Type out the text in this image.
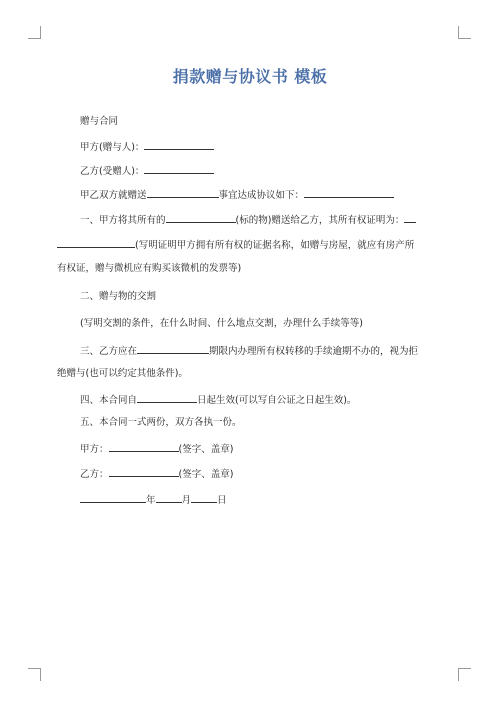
捐款赠与协议书 模板
赠与合同
甲方(赠与人)：
乙方(受赠人)：
甲乙双方就赠送	事宜达成协议如下：
一、甲方将其所有的	(标的物)赠送给乙方，其所有权证明为：
(写明证明甲方拥有所有权的证据名称，如赠与房屋，就应有房产所
有权证，赠与微机应有购买该微机的发票等)
二、赠与物的交割
(写明交割的条件，在什么时间、什么地点交割，办理什么手续等等)
三、乙方应在	期限内办理所有权转移的手续逾期不办的，视为拒
绝赠与(也可以约定其他条件)。
四、本合同自	日起生效(可以写自公证之日起生效)。
五、本合同一式两份，双方各执一份。
甲方：	(签字、盖章)
乙方：	(签字、盖章)
年	月	日
